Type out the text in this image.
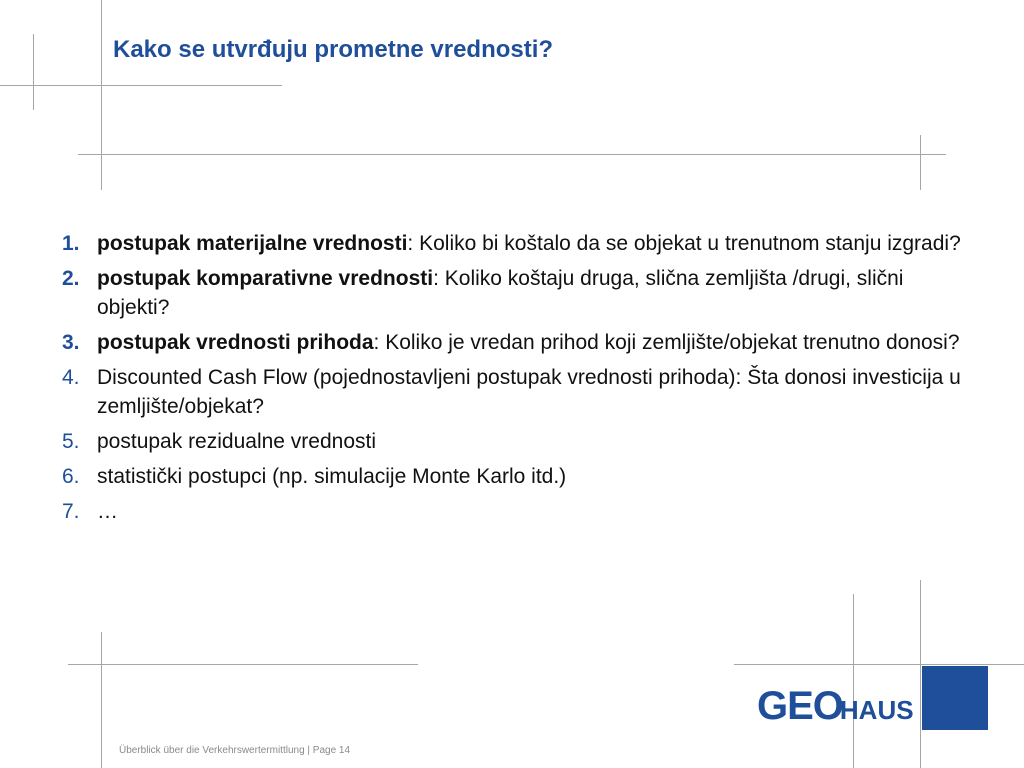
Kako se utvrđuju prometne vrednosti?
1. postupak materijalne vrednosti: Koliko bi koštalo da se objekat u trenutnom stanju izgradi?
2. postupak komparativne vrednosti: Koliko koštaju druga, slična zemljišta /drugi, slični objekti?
3. postupak vrednosti prihoda: Koliko je vredan prihod koji zemljište/objekat trenutno donosi?
4. Discounted Cash Flow (pojednostavljeni postupak vrednosti prihoda): Šta donosi investicija u zemljište/objekat?
5. postupak rezidualne vrednosti
6. statistički postupci (np. simulacije Monte Karlo itd.)
7. …
GEOHAUS
Überblick über die Verkehrswertermittlung | Page 14
